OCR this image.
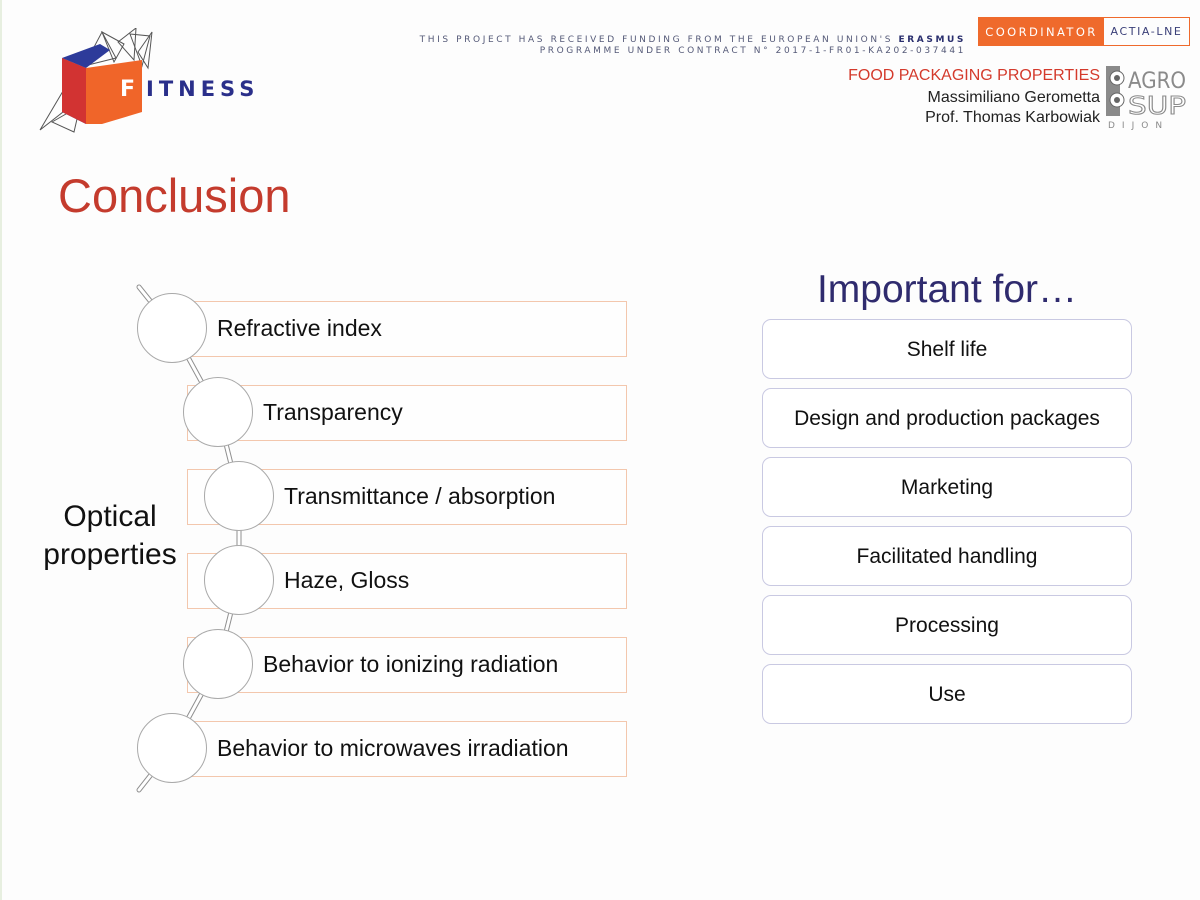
F ITNESS
THIS PROJECT HAS RECEIVED FUNDING FROM THE EUROPEAN UNION'S ERASMUS
PROGRAMME UNDER CONTRACT N° 2017-1-FR01-KA202-037441
COORDINATOR	ACTIA-LNE
FOOD PACKAGING PROPERTIES
Massimiliano Gerometta
Prof. Thomas Karbowiak
AGRO
SUP
DIJON
Conclusion
Optical
properties
Refractive index
Transparency
Transmittance / absorption
Haze, Gloss
Behavior to ionizing radiation
Behavior to microwaves irradiation
Important for…
Shelf life
Design and production packages
Marketing
Facilitated handling
Processing
Use
